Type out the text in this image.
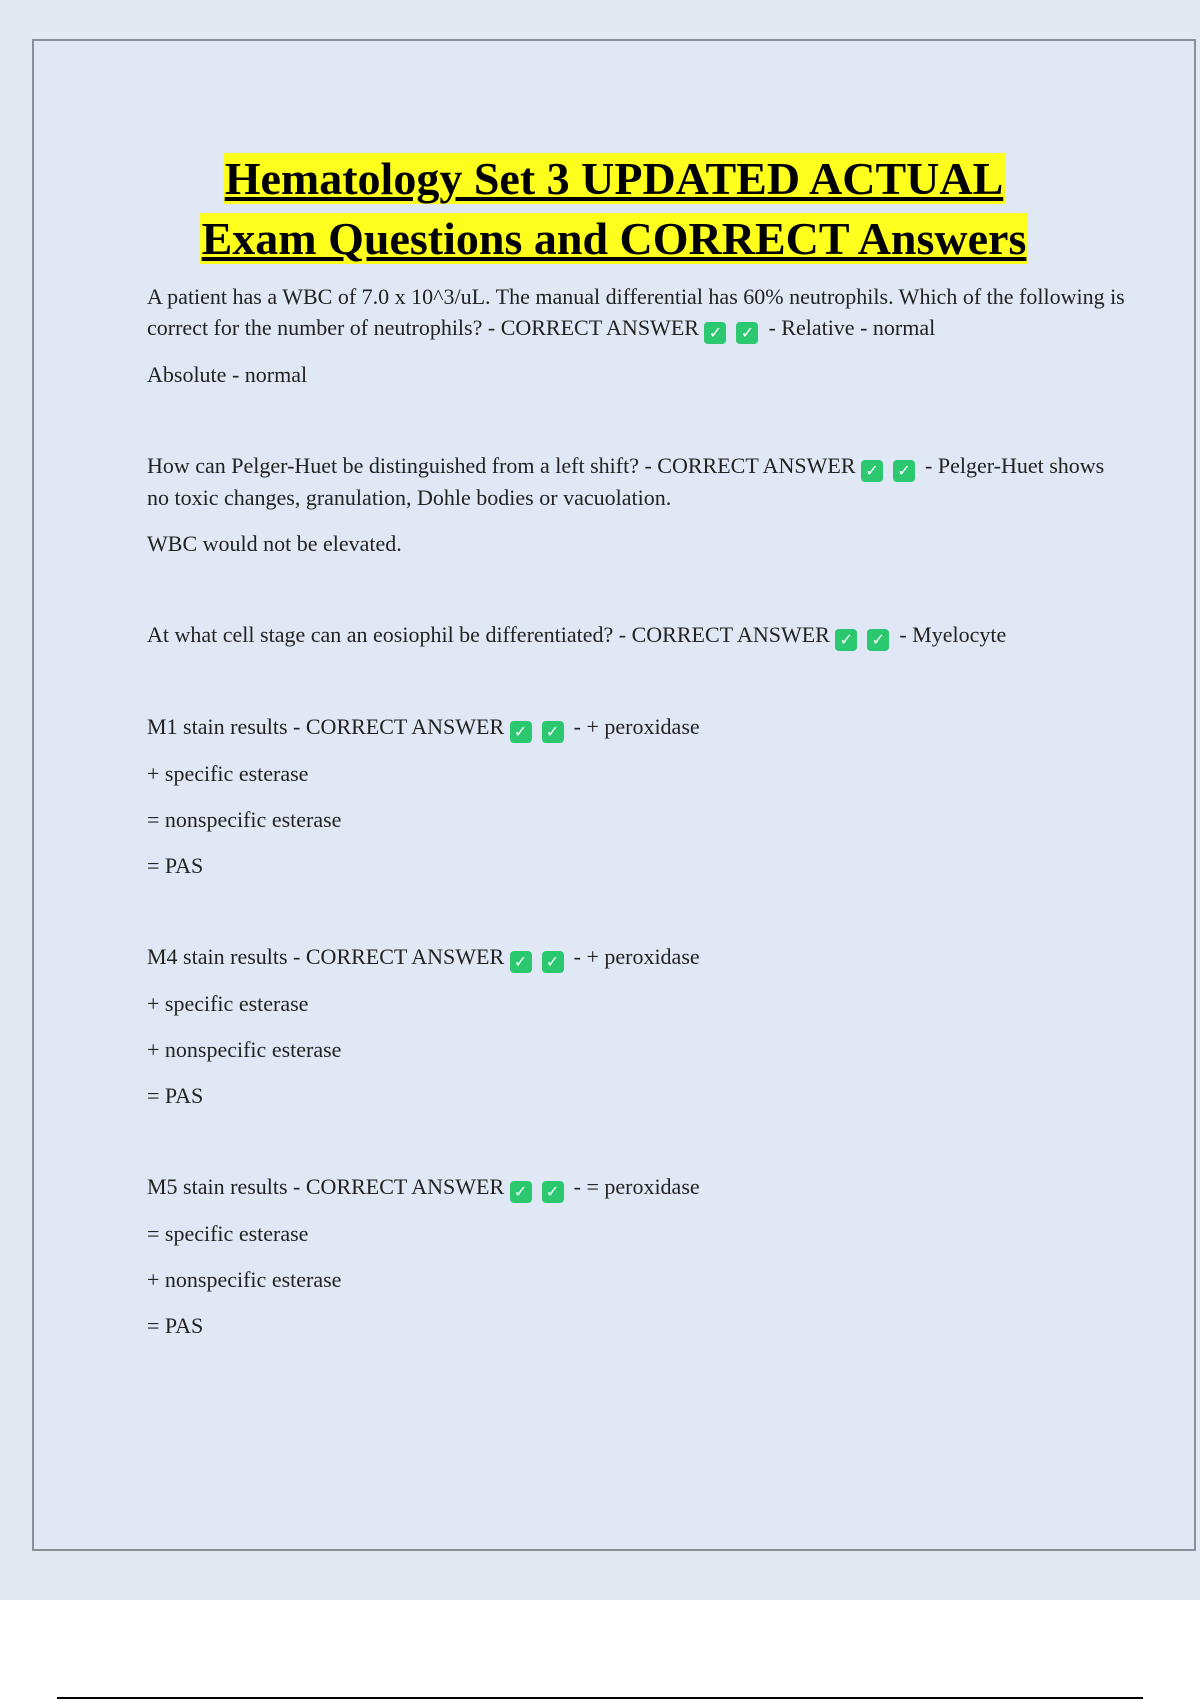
Hematology Set 3 UPDATED ACTUAL
Exam Questions and CORRECT Answers

A patient has a WBC of 7.0 x 10^3/uL. The manual differential has 60% neutrophils. Which of the following is correct for the number of neutrophils? - CORRECT ANSWER ✓ ✓ - Relative - normal

Absolute - normal

How can Pelger-Huet be distinguished from a left shift? - CORRECT ANSWER ✓ ✓ - Pelger-Huet shows no toxic changes, granulation, Dohle bodies or vacuolation.

WBC would not be elevated.

At what cell stage can an eosiophil be differentiated? - CORRECT ANSWER ✓ ✓ - Myelocyte

M1 stain results - CORRECT ANSWER ✓ ✓ - + peroxidase

+ specific esterase

= nonspecific esterase

= PAS

M4 stain results - CORRECT ANSWER ✓ ✓ - + peroxidase

+ specific esterase

+ nonspecific esterase

= PAS

M5 stain results - CORRECT ANSWER ✓ ✓ - = peroxidase

= specific esterase

+ nonspecific esterase

= PAS
